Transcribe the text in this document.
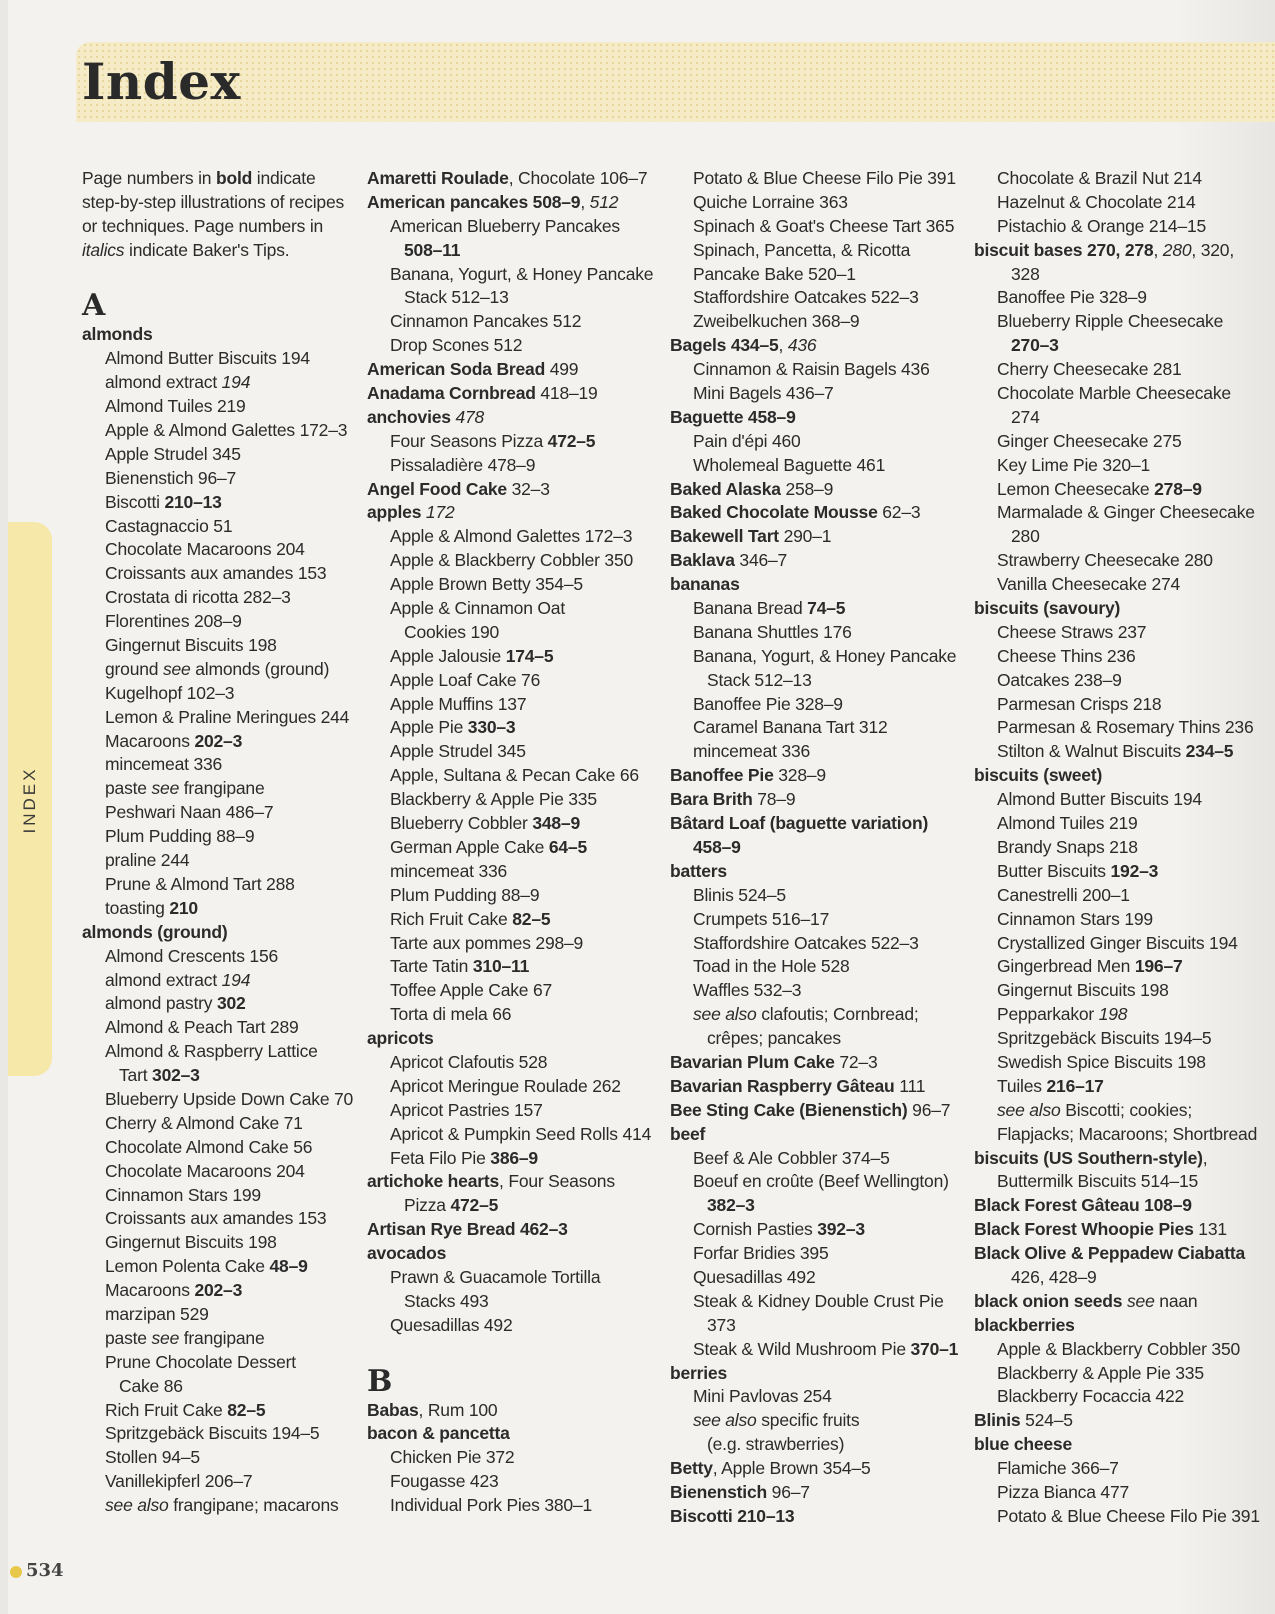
Index
INDEX
534
Page numbers in bold indicate
step-by-step illustrations of recipes
or techniques. Page numbers in
italics indicate Baker's Tips.
A
almonds
Almond Butter Biscuits 194
almond extract 194
Almond Tuiles 219
Apple & Almond Galettes 172–3
Apple Strudel 345
Bienenstich 96–7
Biscotti 210–13
Castagnaccio 51
Chocolate Macaroons 204
Croissants aux amandes 153
Crostata di ricotta 282–3
Florentines 208–9
Gingernut Biscuits 198
ground see almonds (ground)
Kugelhopf 102–3
Lemon & Praline Meringues 244
Macaroons 202–3
mincemeat 336
paste see frangipane
Peshwari Naan 486–7
Plum Pudding 88–9
praline 244
Prune & Almond Tart 288
toasting 210
almonds (ground)
Almond Crescents 156
almond extract 194
almond pastry 302
Almond & Peach Tart 289
Almond & Raspberry Lattice
Tart 302–3
Blueberry Upside Down Cake 70
Cherry & Almond Cake 71
Chocolate Almond Cake 56
Chocolate Macaroons 204
Cinnamon Stars 199
Croissants aux amandes 153
Gingernut Biscuits 198
Lemon Polenta Cake 48–9
Macaroons 202–3
marzipan 529
paste see frangipane
Prune Chocolate Dessert
Cake 86
Rich Fruit Cake 82–5
Spritzgebäck Biscuits 194–5
Stollen 94–5
Vanillekipferl 206–7
see also frangipane; macarons
Amaretti Roulade, Chocolate 106–7
American pancakes 508–9, 512
American Blueberry Pancakes
508–11
Banana, Yogurt, & Honey Pancake
Stack 512–13
Cinnamon Pancakes 512
Drop Scones 512
American Soda Bread 499
Anadama Cornbread 418–19
anchovies 478
Four Seasons Pizza 472–5
Pissaladière 478–9
Angel Food Cake 32–3
apples 172
Apple & Almond Galettes 172–3
Apple & Blackberry Cobbler 350
Apple Brown Betty 354–5
Apple & Cinnamon Oat
Cookies 190
Apple Jalousie 174–5
Apple Loaf Cake 76
Apple Muffins 137
Apple Pie 330–3
Apple Strudel 345
Apple, Sultana & Pecan Cake 66
Blackberry & Apple Pie 335
Blueberry Cobbler 348–9
German Apple Cake 64–5
mincemeat 336
Plum Pudding 88–9
Rich Fruit Cake 82–5
Tarte aux pommes 298–9
Tarte Tatin 310–11
Toffee Apple Cake 67
Torta di mela 66
apricots
Apricot Clafoutis 528
Apricot Meringue Roulade 262
Apricot Pastries 157
Apricot & Pumpkin Seed Rolls 414
Feta Filo Pie 386–9
artichoke hearts, Four Seasons
Pizza 472–5
Artisan Rye Bread 462–3
avocados
Prawn & Guacamole Tortilla
Stacks 493
Quesadillas 492
B
Babas, Rum 100
bacon & pancetta
Chicken Pie 372
Fougasse 423
Individual Pork Pies 380–1
Potato & Blue Cheese Filo Pie 391
Quiche Lorraine 363
Spinach & Goat's Cheese Tart 365
Spinach, Pancetta, & Ricotta
Pancake Bake 520–1
Staffordshire Oatcakes 522–3
Zweibelkuchen 368–9
Bagels 434–5, 436
Cinnamon & Raisin Bagels 436
Mini Bagels 436–7
Baguette 458–9
Pain d'épi 460
Wholemeal Baguette 461
Baked Alaska 258–9
Baked Chocolate Mousse 62–3
Bakewell Tart 290–1
Baklava 346–7
bananas
Banana Bread 74–5
Banana Shuttles 176
Banana, Yogurt, & Honey Pancake
Stack 512–13
Banoffee Pie 328–9
Caramel Banana Tart 312
mincemeat 336
Banoffee Pie 328–9
Bara Brith 78–9
Bâtard Loaf (baguette variation)
458–9
batters
Blinis 524–5
Crumpets 516–17
Staffordshire Oatcakes 522–3
Toad in the Hole 528
Waffles 532–3
see also clafoutis; Cornbread;
crêpes; pancakes
Bavarian Plum Cake 72–3
Bavarian Raspberry Gâteau 111
Bee Sting Cake (Bienenstich) 96–7
beef
Beef & Ale Cobbler 374–5
Boeuf en croûte (Beef Wellington)
382–3
Cornish Pasties 392–3
Forfar Bridies 395
Quesadillas 492
Steak & Kidney Double Crust Pie
373
Steak & Wild Mushroom Pie 370–1
berries
Mini Pavlovas 254
see also specific fruits
(e.g. strawberries)
Betty, Apple Brown 354–5
Bienenstich 96–7
Biscotti 210–13
Chocolate & Brazil Nut 214
Hazelnut & Chocolate 214
Pistachio & Orange 214–15
biscuit bases 270, 278, 280, 320,
328
Banoffee Pie 328–9
Blueberry Ripple Cheesecake
270–3
Cherry Cheesecake 281
Chocolate Marble Cheesecake
274
Ginger Cheesecake 275
Key Lime Pie 320–1
Lemon Cheesecake 278–9
Marmalade & Ginger Cheesecake
280
Strawberry Cheesecake 280
Vanilla Cheesecake 274
biscuits (savoury)
Cheese Straws 237
Cheese Thins 236
Oatcakes 238–9
Parmesan Crisps 218
Parmesan & Rosemary Thins 236
Stilton & Walnut Biscuits 234–5
biscuits (sweet)
Almond Butter Biscuits 194
Almond Tuiles 219
Brandy Snaps 218
Butter Biscuits 192–3
Canestrelli 200–1
Cinnamon Stars 199
Crystallized Ginger Biscuits 194
Gingerbread Men 196–7
Gingernut Biscuits 198
Pepparkakor 198
Spritzgebäck Biscuits 194–5
Swedish Spice Biscuits 198
Tuiles 216–17
see also Biscotti; cookies;
Flapjacks; Macaroons; Shortbread
biscuits (US Southern-style),
Buttermilk Biscuits 514–15
Black Forest Gâteau 108–9
Black Forest Whoopie Pies 131
Black Olive & Peppadew Ciabatta
426, 428–9
black onion seeds see naan
blackberries
Apple & Blackberry Cobbler 350
Blackberry & Apple Pie 335
Blackberry Focaccia 422
Blinis 524–5
blue cheese
Flamiche 366–7
Pizza Bianca 477
Potato & Blue Cheese Filo Pie 391
